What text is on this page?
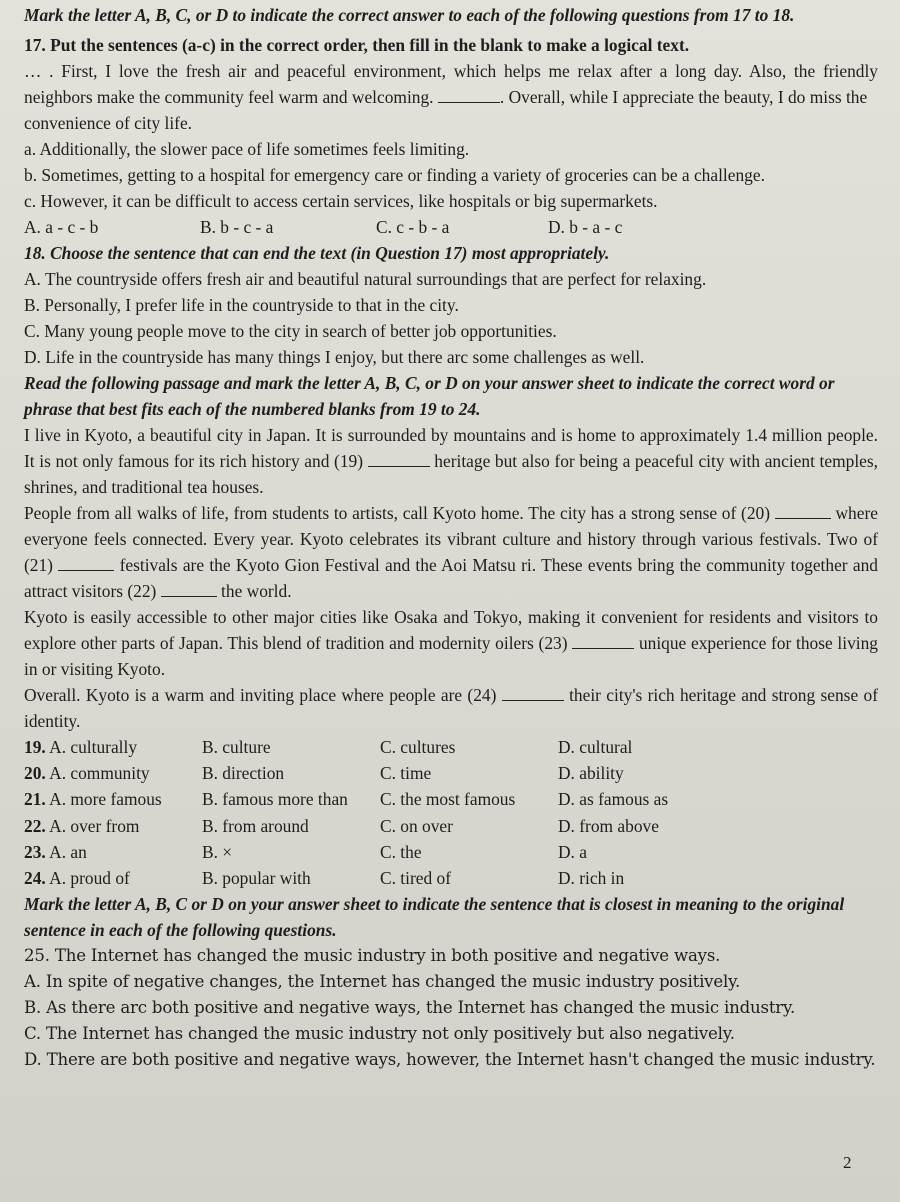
Mark the letter A, B, C, or D to indicate the correct answer to each of the following questions from 17 to 18.

17. Put the sentences (a-c) in the correct order, then fill in the blank to make a logical text.

… . First, I love the fresh air and peaceful environment, which helps me relax after a long day. Also, the friendly neighbors make the community feel warm and welcoming.	. Overall, while I appreciate the beauty, I do miss the

convenience of city life.

a. Additionally, the slower pace of life sometimes feels limiting.

b. Sometimes, getting to a hospital for emergency care or finding a variety of groceries can be a challenge.

c. However, it can be difficult to access certain services, like hospitals or big supermarkets.

A. a - c - b	B. b - c - a	C. c - b - a	D. b - a - c

18. Choose the sentence that can end the text (in Question 17) most appropriately.

A. The countryside offers fresh air and beautiful natural surroundings that are perfect for relaxing.

B. Personally, I prefer life in the countryside to that in the city.

C. Many young people move to the city in search of better job opportunities.

D. Life in the countryside has many things I enjoy, but there arc some challenges as well.

Read the following passage and mark the letter A, B, C, or D on your answer sheet to indicate the correct word or phrase that best fits each of the numbered blanks from 19 to 24.

I live in Kyoto, a beautiful city in Japan. It is surrounded by mountains and is home to approximately 1.4 million people. It is not only famous for its rich history and (19)	heritage but also for being a peaceful city with ancient temples, shrines, and traditional tea houses.

People from all walks of life, from students to artists, call Kyoto home. The city has a strong sense of (20)	where everyone feels connected. Every year. Kyoto celebrates its vibrant culture and history through various festivals. Two of (21)	festivals are the Kyoto Gion Festival and the Aoi Matsu ri. These events bring the community together and attract visitors (22)	the world.

Kyoto is easily accessible to other major cities like Osaka and Tokyo, making it convenient for residents and visitors to explore other parts of Japan. This blend of tradition and modernity oilers (23)	unique experience for those living in or visiting Kyoto.

Overall. Kyoto is a warm and inviting place where people are (24)	their city's rich heritage and strong sense of identity.

19. A. culturally	B. culture	C. cultures	D. cultural
20. A. community	B. direction	C. time	D. ability
21. A. more famous	B. famous more than	C. the most famous	D. as famous as
22. A. over from	B. from around	C. on over	D. from above
23. A. an	B. ×	C. the	D. a
24. A. proud of	B. popular with	C. tired of	D. rich in

Mark the letter A, B, C or D on your answer sheet to indicate the sentence that is closest in meaning to the original sentence in each of the following questions.

25. The Internet has changed the music industry in both positive and negative ways.

A. In spite of negative changes, the Internet has changed the music industry positively.

B. As there arc both positive and negative ways, the Internet has changed the music industry.

C. The Internet has changed the music industry not only positively but also negatively.

D. There are both positive and negative ways, however, the Internet hasn't changed the music industry.

2
